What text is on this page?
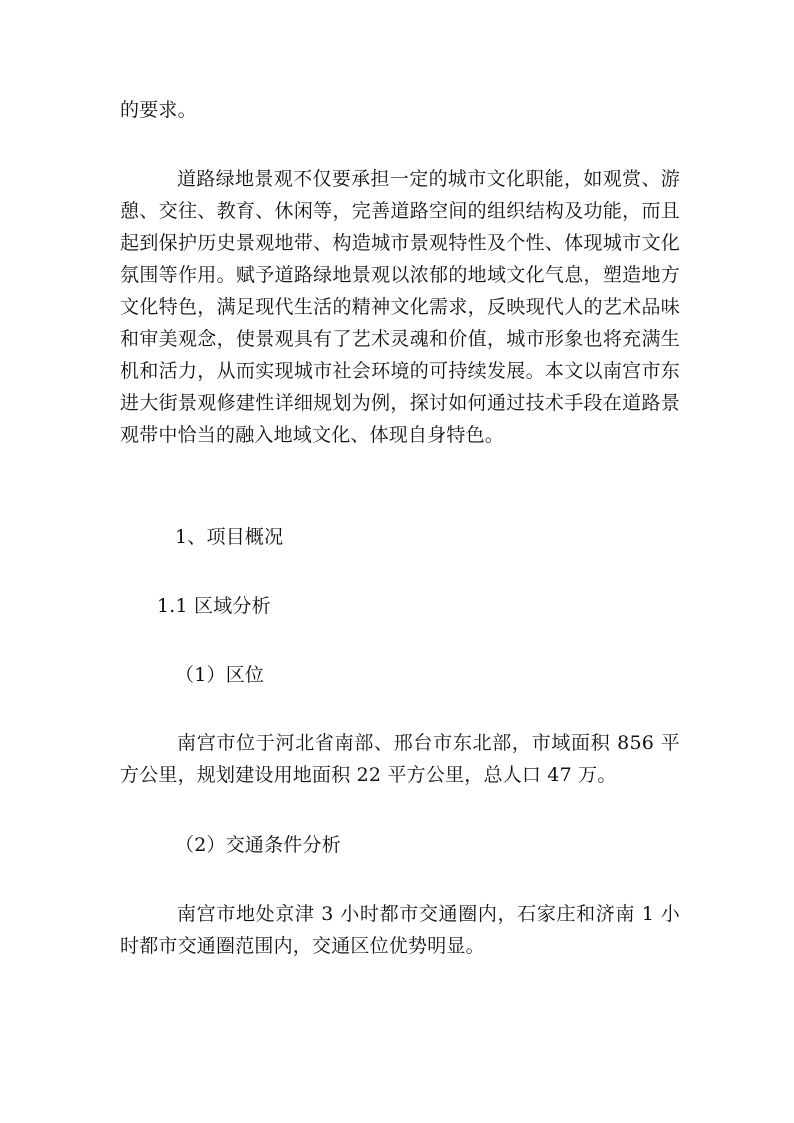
的要求。

道路绿地景观不仅要承担一定的城市文化职能，如观赏、游憩、交往、教育、休闲等，完善道路空间的组织结构及功能，而且起到保护历史景观地带、构造城市景观特性及个性、体现城市文化氛围等作用。赋予道路绿地景观以浓郁的地域文化气息，塑造地方文化特色，满足现代生活的精神文化需求，反映现代人的艺术品味和审美观念，使景观具有了艺术灵魂和价值，城市形象也将充满生机和活力，从而实现城市社会环境的可持续发展。本文以南宫市东进大街景观修建性详细规划为例，探讨如何通过技术手段在道路景观带中恰当的融入地域文化、体现自身特色。

1、项目概况

1.1 区域分析

（1）区位

南宫市位于河北省南部、邢台市东北部，市域面积 856 平方公里，规划建设用地面积 22 平方公里，总人口 47 万。

（2）交通条件分析

南宫市地处京津 3 小时都市交通圈内，石家庄和济南 1 小时都市交通圈范围内，交通区位优势明显。
